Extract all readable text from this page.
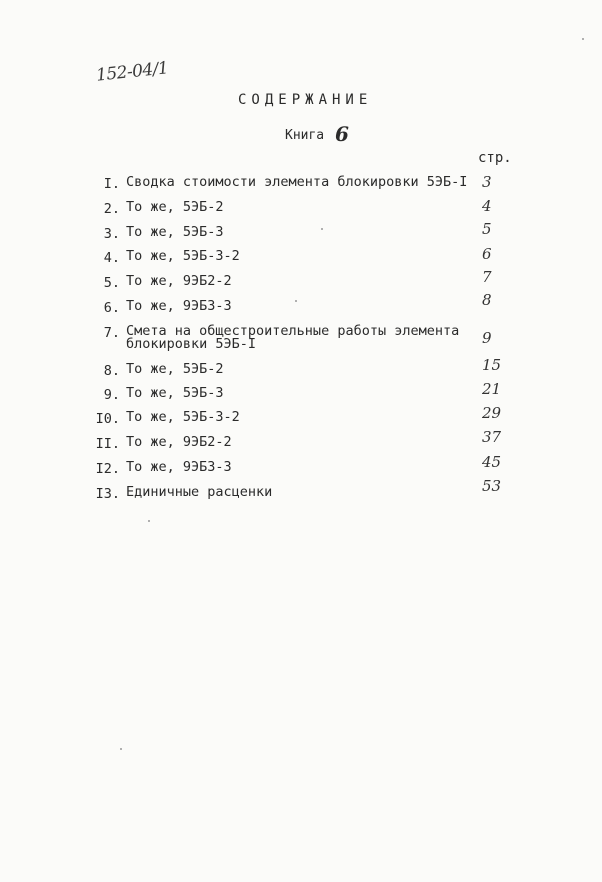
152-04/1
СОДЕРЖАНИЕ
Книга 6
стр.
I. Сводка стоимости элемента блокировки 5ЭБ-I 3
2. То же, 5ЭБ-2	4
3. То же, 5ЭБ-3	5
4. То же, 5ЭБ-3-2	6
5. То же, 9ЭБ2-2	7
6. То же, 9ЭБ3-3	8
7. Смета на общестроительные работы элемента
блокировки 5ЭБ-I	9
8. То же, 5ЭБ-2	15
9. То же, 5ЭБ-3	21
I0. То же, 5ЭБ-3-2	29
II. То же, 9ЭБ2-2	37
I2. То же, 9ЭБ3-3	45
I3. Единичные расценки	53
